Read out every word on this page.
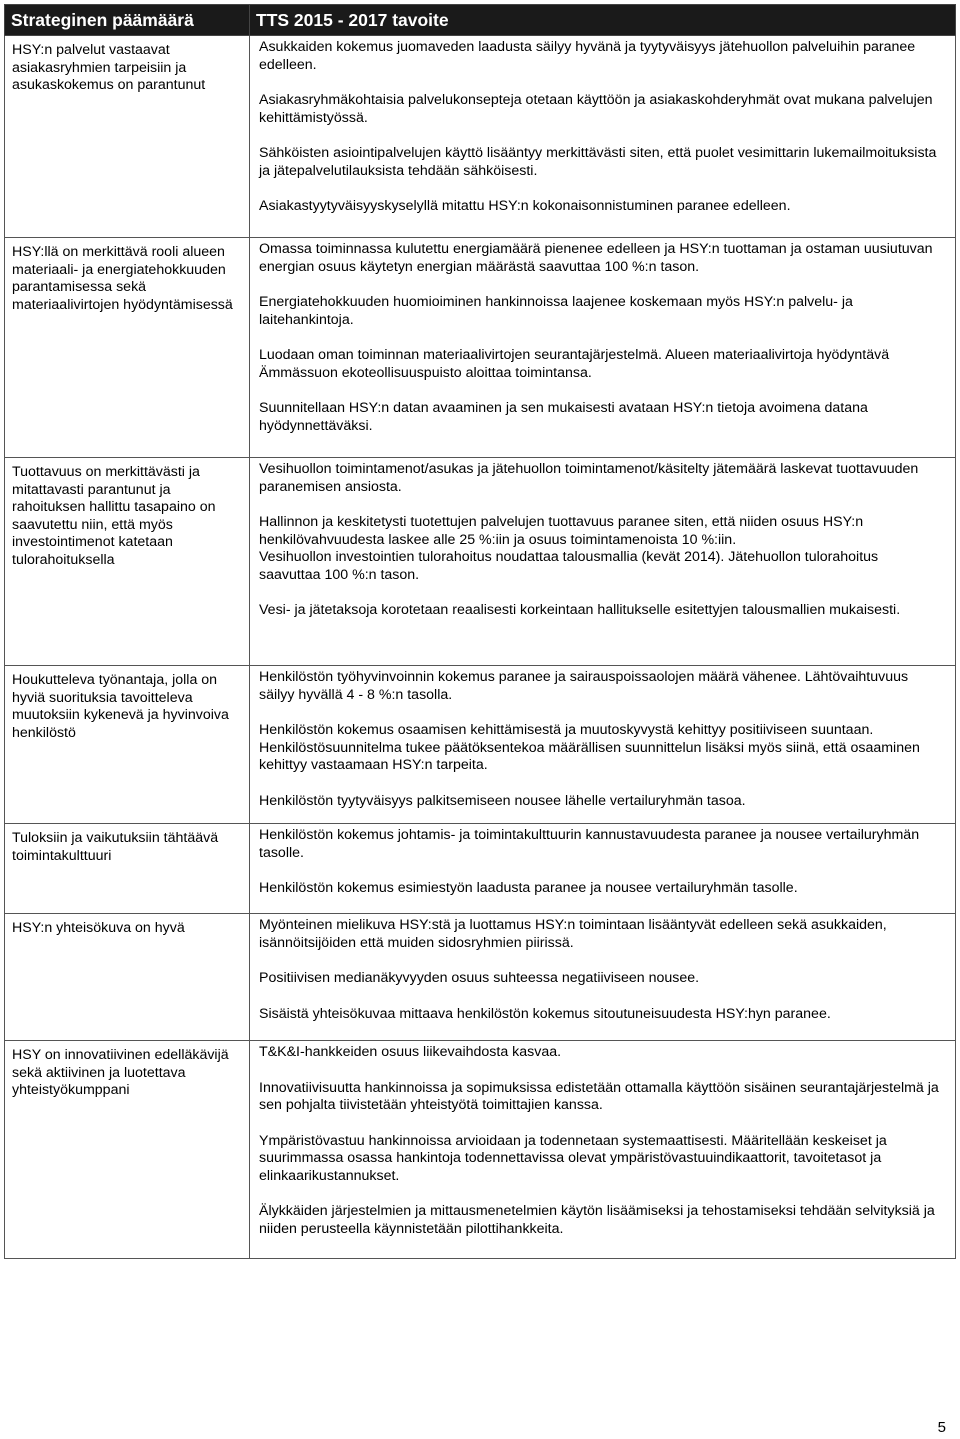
Strateginen päämäärä	TTS 2015 - 2017 tavoite
HSY:n palvelut vastaavat asiakasryhmien tarpeisiin ja asukaskokemus on parantunut	Asukkaiden kokemus juomaveden laadusta säilyy hyvänä ja tyytyväisyys jätehuollon palveluihin paranee edelleen.

Asiakasryhmäkohtaisia palvelukonsepteja otetaan käyttöön ja asiakaskohderyhmät ovat mukana palvelujen kehittämistyössä.

Sähköisten asiointipalvelujen käyttö lisääntyy merkittävästi siten, että puolet vesimittarin lukemailmoituksista ja jätepalvelutilauksista tehdään sähköisesti.

Asiakastyytyväisyyskyselyllä mitattu HSY:n kokonaisonnistuminen paranee edelleen.

HSY:llä on merkittävä rooli alueen materiaali- ja energiatehokkuuden parantamisessa sekä materiaalivirtojen hyödyntämisessä	Omassa toiminnassa kulutettu energiamäärä pienenee edelleen ja HSY:n tuottaman ja ostaman uusiutuvan energian osuus käytetyn energian määrästä saavuttaa 100 %:n tason.

Energiatehokkuuden huomioiminen hankinnoissa laajenee koskemaan myös HSY:n palvelu- ja laitehankintoja.

Luodaan oman toiminnan materiaalivirtojen seurantajärjestelmä. Alueen materiaalivirtoja hyödyntävä Ämmässuon ekoteollisuuspuisto aloittaa toimintansa.

Suunnitellaan HSY:n datan avaaminen ja sen mukaisesti avataan HSY:n tietoja avoimena datana hyödynnettäväksi.

Tuottavuus on merkittävästi ja mitattavasti parantunut ja rahoituksen hallittu tasapaino on saavutettu niin, että myös investointimenot katetaan tulorahoituksella	Vesihuollon toimintamenot/asukas ja jätehuollon toimintamenot/käsitelty jätemäärä laskevat tuottavuuden paranemisen ansiosta.

Hallinnon ja keskitetysti tuotettujen palvelujen tuottavuus paranee siten, että niiden osuus HSY:n henkilövahvuudesta laskee alle 25 %:iin ja osuus toimintamenoista 10 %:iin.

Vesihuollon investointien tulorahoitus noudattaa talousmallia (kevät 2014). Jätehuollon tulorahoitus saavuttaa 100 %:n tason.

Vesi- ja jätetaksoja korotetaan reaalisesti korkeintaan hallitukselle esitettyjen talousmallien mukaisesti.

Houkutteleva työnantaja, jolla on hyviä suorituksia tavoitteleva muutoksiin kykenevä ja hyvinvoiva henkilöstö	Henkilöstön työhyvinvoinnin kokemus paranee ja sairauspoissaolojen määrä vähenee. Lähtövaihtuvuus säilyy hyvällä 4 - 8 %:n tasolla.

Henkilöstön kokemus osaamisen kehittämisestä ja muutoskyvystä kehittyy positiiviseen suuntaan. Henkilöstösuunnitelma tukee päätöksentekoa määrällisen suunnittelun lisäksi myös siinä, että osaaminen kehittyy vastaamaan HSY:n tarpeita.

Henkilöstön tyytyväisyys palkitsemiseen nousee lähelle vertailuryhmän tasoa.

Tuloksiin ja vaikutuksiin tähtäävä toimintakulttuuri	Henkilöstön kokemus johtamis- ja toimintakulttuurin kannustavuudesta paranee ja nousee vertailuryhmän tasolle.

Henkilöstön kokemus esimiestyön laadusta paranee ja nousee vertailuryhmän tasolle.

HSY:n yhteisökuva on hyvä	Myönteinen mielikuva HSY:stä ja luottamus HSY:n toimintaan lisääntyvät edelleen sekä asukkaiden, isännöitsijöiden että muiden sidosryhmien piirissä.

Positiivisen medianäkyvyyden osuus suhteessa negatiiviseen nousee.

Sisäistä yhteisökuvaa mittaava henkilöstön kokemus sitoutuneisuudesta HSY:hyn paranee.

HSY on innovatiivinen edelläkävijä sekä aktiivinen ja luotettava yhteistyökumppani	T&K&I-hankkeiden osuus liikevaihdosta kasvaa.

Innovatiivisuutta hankinnoissa ja sopimuksissa edistetään ottamalla käyttöön sisäinen seurantajärjestelmä ja sen pohjalta tiivistetään yhteistyötä toimittajien kanssa.

Ympäristövastuu hankinnoissa arvioidaan ja todennetaan systemaattisesti. Määritellään keskeiset ja suurimmassa osassa hankintoja todennettavissa olevat ympäristövastuuindikaattorit, tavoitetasot ja elinkaarikustannukset.

Älykkäiden järjestelmien ja mittausmenetelmien käytön lisäämiseksi ja tehostamiseksi tehdään selvityksiä ja niiden perusteella käynnistetään pilottihankkeita.

5
